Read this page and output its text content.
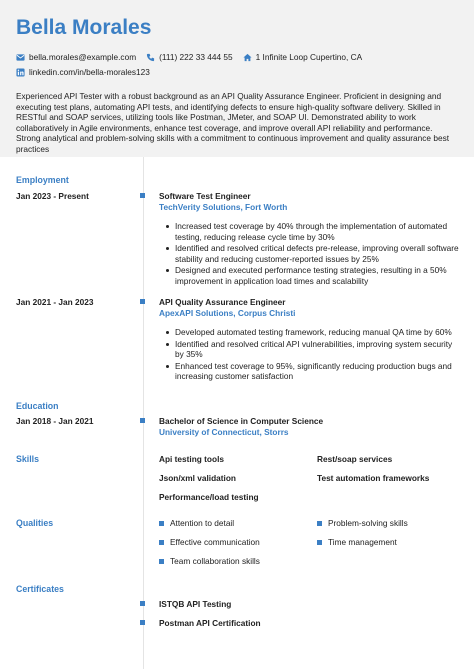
Bella Morales
bella.morales@example.com	(111) 222 33 444 55	1 Infinite Loop Cupertino, CA
linkedin.com/in/bella-morales123
Experienced API Tester with a robust background as an API Quality Assurance Engineer. Proficient in designing and executing test plans, automating API tests, and identifying defects to ensure high-quality software delivery. Skilled in RESTful and SOAP services, utilizing tools like Postman, JMeter, and SOAP UI. Demonstrated ability to work collaboratively in Agile environments, enhance test coverage, and improve overall API reliability and performance. Strong analytical and problem-solving skills with a commitment to continuous improvement and quality assurance best practices
Employment
Jan 2023 - Present	Software Test Engineer
TechVerity Solutions, Fort Worth
Increased test coverage by 40% through the implementation of automated testing, reducing release cycle time by 30%
Identified and resolved critical defects pre-release, improving overall software stability and reducing customer-reported issues by 25%
Designed and executed performance testing strategies, resulting in a 50% improvement in application load times and scalability
Jan 2021 - Jan 2023	API Quality Assurance Engineer
ApexAPI Solutions, Corpus Christi
Developed automated testing framework, reducing manual QA time by 60%
Identified and resolved critical API vulnerabilities, improving system security by 35%
Enhanced test coverage to 95%, significantly reducing production bugs and increasing customer satisfaction
Education
Jan 2018 - Jan 2021	Bachelor of Science in Computer Science
University of Connecticut, Storrs
Skills	Api testing tools	Rest/soap services
Json/xml validation	Test automation frameworks
Performance/load testing
Qualities	Attention to detail	Problem-solving skills
Effective communication	Time management
Team collaboration skills
Certificates
ISTQB API Testing
Postman API Certification
